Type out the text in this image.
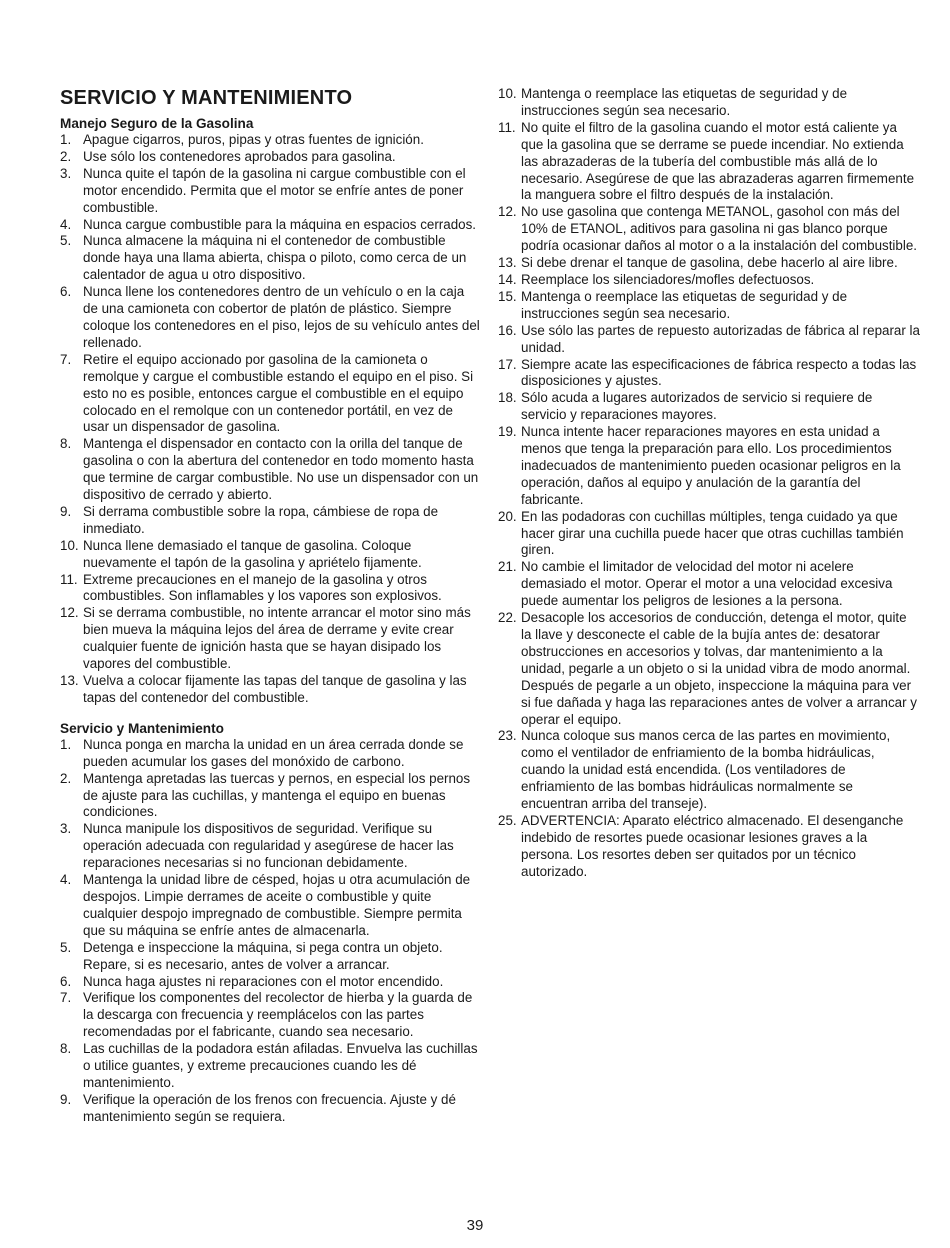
SERVICIO Y MANTENIMIENTO
Manejo Seguro de la Gasolina
1. Apague cigarros, puros, pipas y otras fuentes de ignición.
2. Use sólo los contenedores aprobados para gasolina.
3. Nunca quite el tapón de la gasolina ni cargue combustible con el motor encendido. Permita que el motor se enfríe antes de poner combustible.
4. Nunca cargue combustible para la máquina en espacios cerrados.
5. Nunca almacene la máquina ni el contenedor de combustible donde haya una llama abierta, chispa o piloto, como cerca de un calentador de agua u otro dispositivo.
6. Nunca llene los contenedores dentro de un vehículo o en la caja de una camioneta con cobertor de platón de plástico. Siempre coloque los contenedores en el piso, lejos de su vehículo antes del rellenado.
7. Retire el equipo accionado por gasolina de la camioneta o remolque y cargue el combustible estando el equipo en el piso. Si esto no es posible, entonces cargue el combustible en el equipo colocado en el remolque con un contenedor portátil, en vez de usar un dispensador de gasolina.
8. Mantenga el dispensador en contacto con la orilla del tanque de gasolina o con la abertura del contenedor en todo momento hasta que termine de cargar combustible. No use un dispensador con un dispositivo de cerrado y abierto.
9. Si derrama combustible sobre la ropa, cámbiese de ropa de inmediato.
10. Nunca llene demasiado el tanque de gasolina. Coloque nuevamente el tapón de la gasolina y apriételo fijamente.
11. Extreme precauciones en el manejo de la gasolina y otros combustibles. Son inflamables y los vapores son explosivos.
12. Si se derrama combustible, no intente arrancar el motor sino más bien mueva la máquina lejos del área de derrame y evite crear cualquier fuente de ignición hasta que se hayan disipado los vapores del combustible.
13. Vuelva a colocar fijamente las tapas del tanque de gasolina y las tapas del contenedor del combustible.
Servicio y Mantenimiento
1. Nunca ponga en marcha la unidad en un área cerrada donde se pueden acumular los gases del monóxido de carbono.
2. Mantenga apretadas las tuercas y pernos, en especial los pernos de ajuste para las cuchillas, y mantenga el equipo en buenas condiciones.
3. Nunca manipule los dispositivos de seguridad. Verifique su operación adecuada con regularidad y asegúrese de hacer las reparaciones necesarias si no funcionan debidamente.
4. Mantenga la unidad libre de césped, hojas u otra acumulación de despojos. Limpie derrames de aceite o combustible y quite cualquier despojo impregnado de combustible. Siempre permita que su máquina se enfríe antes de almacenarla.
5. Detenga e inspeccione la máquina, si pega contra un objeto. Repare, si es necesario, antes de volver a arrancar.
6. Nunca haga ajustes ni reparaciones con el motor encendido.
7. Verifique los componentes del recolector de hierba y la guarda de la descarga con frecuencia y reemplácelos con las partes recomendadas por el fabricante, cuando sea necesario.
8. Las cuchillas de la podadora están afiladas. Envuelva las cuchillas o utilice guantes, y extreme precauciones cuando les dé mantenimiento.
9. Verifique la operación de los frenos con frecuencia. Ajuste y dé mantenimiento según se requiera.
10. Mantenga o reemplace las etiquetas de seguridad y de instrucciones según sea necesario.
11. No quite el filtro de la gasolina cuando el motor está caliente ya que la gasolina que se derrame se puede incendiar. No extienda las abrazaderas de la tubería del combustible más allá de lo necesario. Asegúrese de que las abrazaderas agarren firmemente la manguera sobre el filtro después de la instalación.
12. No use gasolina que contenga METANOL, gasohol con más del 10% de ETANOL, aditivos para gasolina ni gas blanco porque podría ocasionar daños al motor o a la instalación del combustible.
13. Si debe drenar el tanque de gasolina, debe hacerlo al aire libre.
14. Reemplace los silenciadores/mofles defectuosos.
15. Mantenga o reemplace las etiquetas de seguridad y de instrucciones según sea necesario.
16. Use sólo las partes de repuesto autorizadas de fábrica al reparar la unidad.
17. Siempre acate las especificaciones de fábrica respecto a todas las disposiciones y ajustes.
18. Sólo acuda a lugares autorizados de servicio si requiere de servicio y reparaciones mayores.
19. Nunca intente hacer reparaciones mayores en esta unidad a menos que tenga la preparación para ello. Los procedimientos inadecuados de mantenimiento pueden ocasionar peligros en la operación, daños al equipo y anulación de la garantía del fabricante.
20. En las podadoras con cuchillas múltiples, tenga cuidado ya que hacer girar una cuchilla puede hacer que otras cuchillas también giren.
21. No cambie el limitador de velocidad del motor ni acelere demasiado el motor. Operar el motor a una velocidad excesiva puede aumentar los peligros de lesiones a la persona.
22. Desacople los accesorios de conducción, detenga el motor, quite la llave y desconecte el cable de la bujía antes de: desatorar obstrucciones en accesorios y tolvas, dar mantenimiento a la unidad, pegarle a un objeto o si la unidad vibra de modo anormal. Después de pegarle a un objeto, inspeccione la máquina para ver si fue dañada y haga las reparaciones antes de volver a arrancar y operar el equipo.
23. Nunca coloque sus manos cerca de las partes en movimiento, como el ventilador de enfriamiento de la bomba hidráulicas, cuando la unidad está encendida. (Los ventiladores de enfriamiento de las bombas hidráulicas normalmente se encuentran arriba del transeje).
25. ADVERTENCIA: Aparato eléctrico almacenado. El desenganche indebido de resortes puede ocasionar lesiones graves a la persona. Los resortes deben ser quitados por un técnico autorizado.
39
